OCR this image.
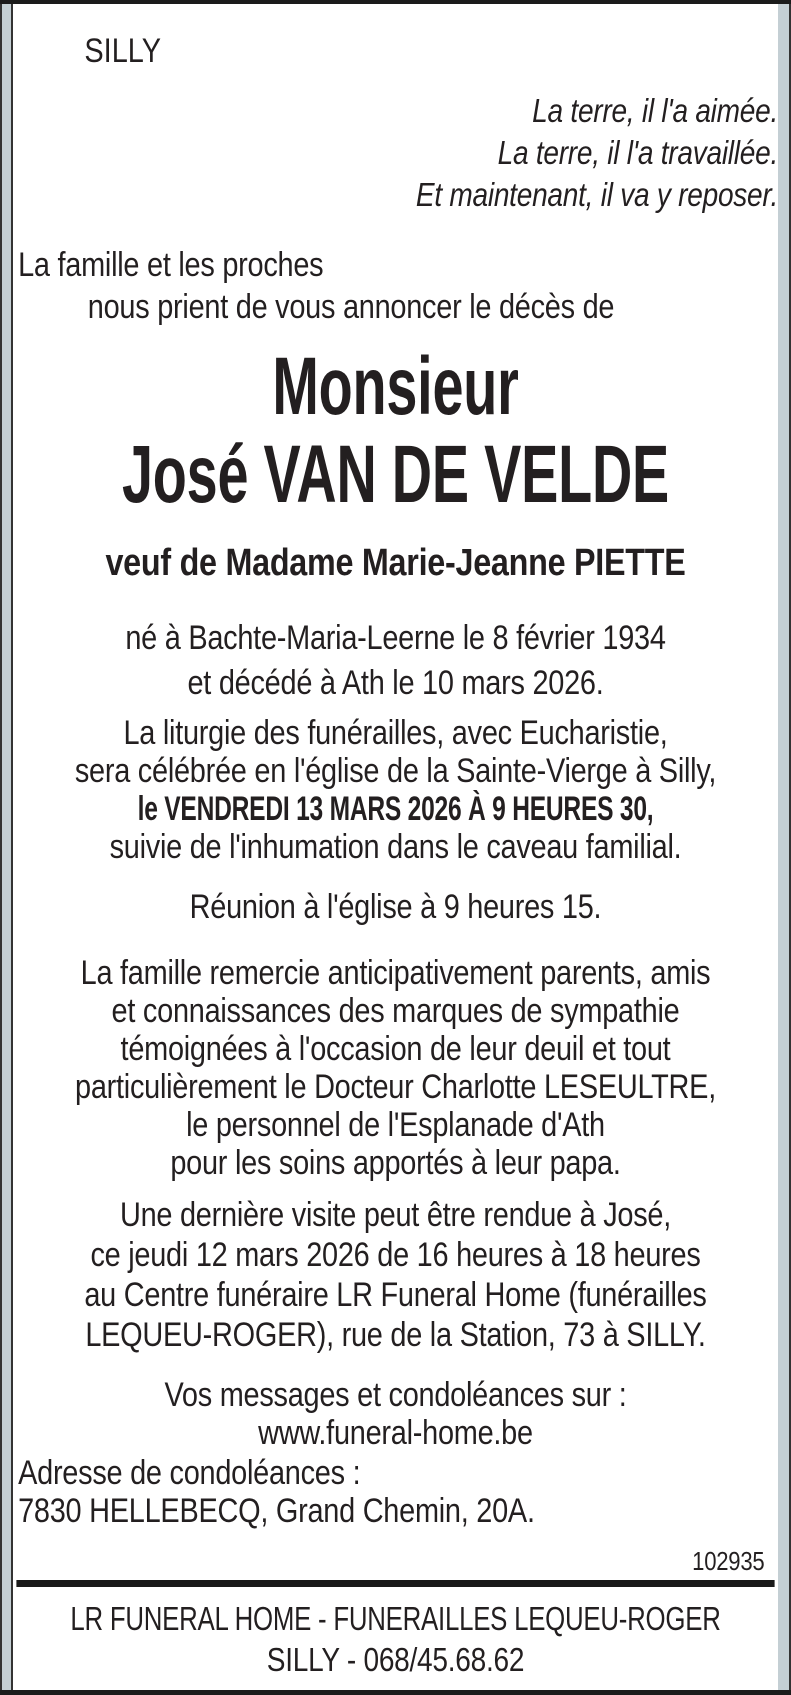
SILLY
La terre, il l'a aimée.
La terre, il l'a travaillée.
Et maintenant, il va y reposer.
La famille et les proches
nous prient de vous annoncer le décès de
Monsieur
José VAN DE VELDE
veuf de Madame Marie-Jeanne PIETTE
né à Bachte-Maria-Leerne le 8 février 1934
et décédé à Ath le 10 mars 2026.
La liturgie des funérailles, avec Eucharistie,
sera célébrée en l'église de la Sainte-Vierge à Silly,
le VENDREDI 13 MARS 2026 À 9 HEURES 30,
suivie de l'inhumation dans le caveau familial.
Réunion à l'église à 9 heures 15.
La famille remercie anticipativement parents, amis
et connaissances des marques de sympathie
témoignées à l'occasion de leur deuil et tout
particulièrement le Docteur Charlotte LESEULTRE,
le personnel de l'Esplanade d'Ath
pour les soins apportés à leur papa.
Une dernière visite peut être rendue à José,
ce jeudi 12 mars 2026 de 16 heures à 18 heures
au Centre funéraire LR Funeral Home (funérailles
LEQUEU-ROGER), rue de la Station, 73 à SILLY.
Vos messages et condoléances sur :
www.funeral-home.be
Adresse de condoléances :
7830 HELLEBECQ, Grand Chemin, 20A.
102935
LR FUNERAL HOME - FUNERAILLES LEQUEU-ROGER
SILLY - 068/45.68.62
